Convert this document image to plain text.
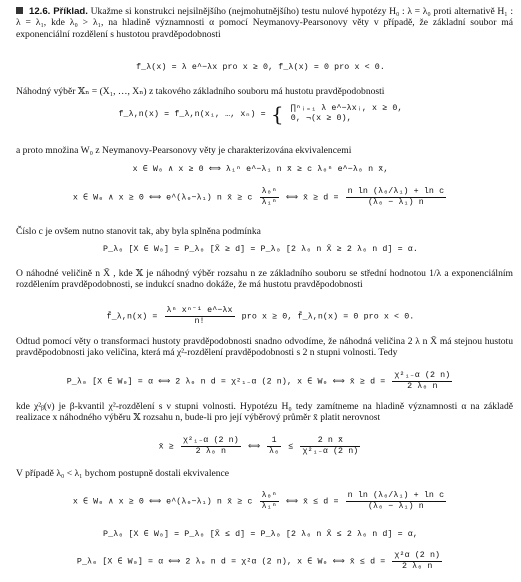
12.6. Příklad. Ukažme si konstrukci nejsilnějšího (nejmohutnějšího) testu nulové hypotézy H₀ : λ = λ₀ proti alternativě H₁ : λ = λ₁, kde λ₀ > λ₁, na hladině významnosti α pomocí Neymanovy-Pearsonovy věty v případě, že základní soubor má exponenciální rozdělení s hustotou pravděpodobnosti
f_λ(x) = λ e^−λx pro x ≥ 0, f_λ(x) = 0 pro x < 0.
Náhodný výběr 𝕏ₙ = (X₁, …, Xₙ) z takového základního souboru má hustotu pravděpodobnosti
f_λ,n(x) = f_λ,n(x₁, …, xₙ) = { ∏ⁿᵢ₌₁ λ e^−λxᵢ, x ≥ 0,
0, ¬(x ≥ 0),
a proto množina W₀ z Neymanovy-Pearsonovy věty je charakterizována ekvivalencemi
x ∈ W₀ ∧ x ≥ 0 ⟺ λ₁ⁿ e^−λ₁ n x̄ ≥ c λ₀ⁿ e^−λ₀ n x̄,
x ∈ W₀ ∧ x ≥ 0 ⟺ e^(λ₀−λ₁) n x̄ ≥ c $\frac{\text{λ₀ⁿ}}{\text{λ₁ⁿ}}$ ⟺ x̄ ≥ $d = \frac{\text{n ln (λ₀/λ₁) + ln c}}{\text{(λ₀ − λ₁) n}}$
Číslo c je ovšem nutno stanovit tak, aby byla splněna podmínka
P_λ₀ [X ∈ W₀] = P_λ₀ [X̄ ≥ d] = P_λ₀ [2 λ₀ n X̄ ≥ 2 λ₀ n d] = α.
O náhodné veličině n X̄ , kde 𝕏 je náhodný výběr rozsahu n ze základního souboru se střední hodnotou 1/λ a exponenciálním rozdělením pravděpodobnosti, se indukcí snadno dokáže, že má hustotu pravděpodobnosti
f̄_λ,n(x) = $\frac{\text{λⁿ xⁿ⁻¹ e\textasciicircum{}−λx}}{n!}$ pro x ≥ 0, f̄_λ,n(x) = 0 pro x < 0.
Odtud pomocí věty o transformaci hustoty pravděpodobnosti snadno odvodíme, že náhodná veličina 2 λ n X̄ má stejnou hustotu pravděpodobnosti jako veličina, která má χ²-rozdělení pravděpodobnosti s 2 n stupni volnosti. Tedy
P_λ₀ [X ∈ W₀] = α ⟺ 2 λ₀ n d = χ²₁₋α (2 n), x ∈ W₀ ⟺ x̄ ≥ $d = \frac{\text{χ²₁₋α (2 n)}}{\text{2 λ₀ n}}$
kde χ²ᵦ(ν) je β-kvantil χ²-rozdělení s ν stupni volnosti. Hypotézu H₀ tedy zamítneme na hladině významnosti α na základě realizace x náhodného výběru 𝕏 rozsahu n, bude-li pro její výběrový průměr x̄ platit nerovnost
x̄ ≥ $\frac{\text{χ²₁₋α (2 n)}}{\text{2 λ₀ n}}$ ⟺ $\frac{1}{\text{λ₀}} \le \frac{\text{2 n x̄}}{\text{χ²₁₋α (2 n)}}$
V případě λ₀ < λ₁ bychom postupně dostali ekvivalence
x ∈ W₀ ∧ x ≥ 0 ⟺ e^(λ₀−λ₁) n x̄ ≥ c $\frac{\text{λ₀ⁿ}}{\text{λ₁ⁿ}}$ ⟺ x̄ ≤ $d = \frac{\text{n ln (λ₀/λ₁) + ln c}}{\text{(λ₀ − λ₁) n}}$
P_λ₀ [X ∈ W₀] = P_λ₀ [X̄ ≤ d] = P_λ₀ [2 λ₀ n X̄ ≤ 2 λ₀ n d] = α,
P_λ₀ [X ∈ W₀] = α ⟺ 2 λ₀ n d = χ²α (2 n), x ∈ W₀ ⟺ x̄ ≤ $d = \frac{\text{χ²α (2 n)}}{\text{2 λ₀ n}}$
